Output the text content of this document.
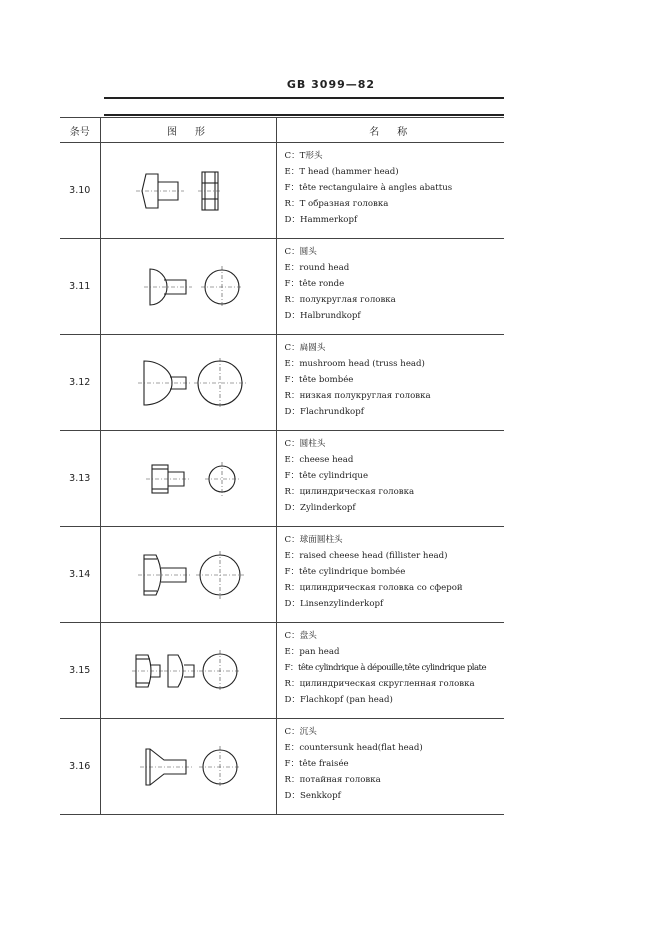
GB 3099—82
条号	图　形	名　称
3.10		C：T形头
E：T head (hammer head)
F：tête rectangulaire à angles abattus
R：T образная головка
D：Hammerkopf

3.11		C：圆头
E：round head
F：tête ronde
R：полукруглая головка
D：Halbrundkopf

3.12		C：扁圆头
E：mushroom head (truss head)
F：tête bombée
R：низкая полукруглая головка
D：Flachrundkopf

3.13		C：圆柱头
E：cheese head
F：tête cylindrique
R：цилиндрическая головка
D：Zylinderkopf

3.14		C：球面圆柱头
E：raised cheese head (fillister head)
F：tête cylindrique bombée
R：цилиндрическая головка со сферой
D：Linsenzylinderkopf

3.15		C：盘头
E：pan head
F：tête cylindrique à dépouille,tête cylindrique plate
R：цилиндрическая скругленная головка
D：Flachkopf (pan head)

3.16		C：沉头
E：countersunk head(flat head)
F：tête fraisée
R：потайная головка
D：Senkkopf
